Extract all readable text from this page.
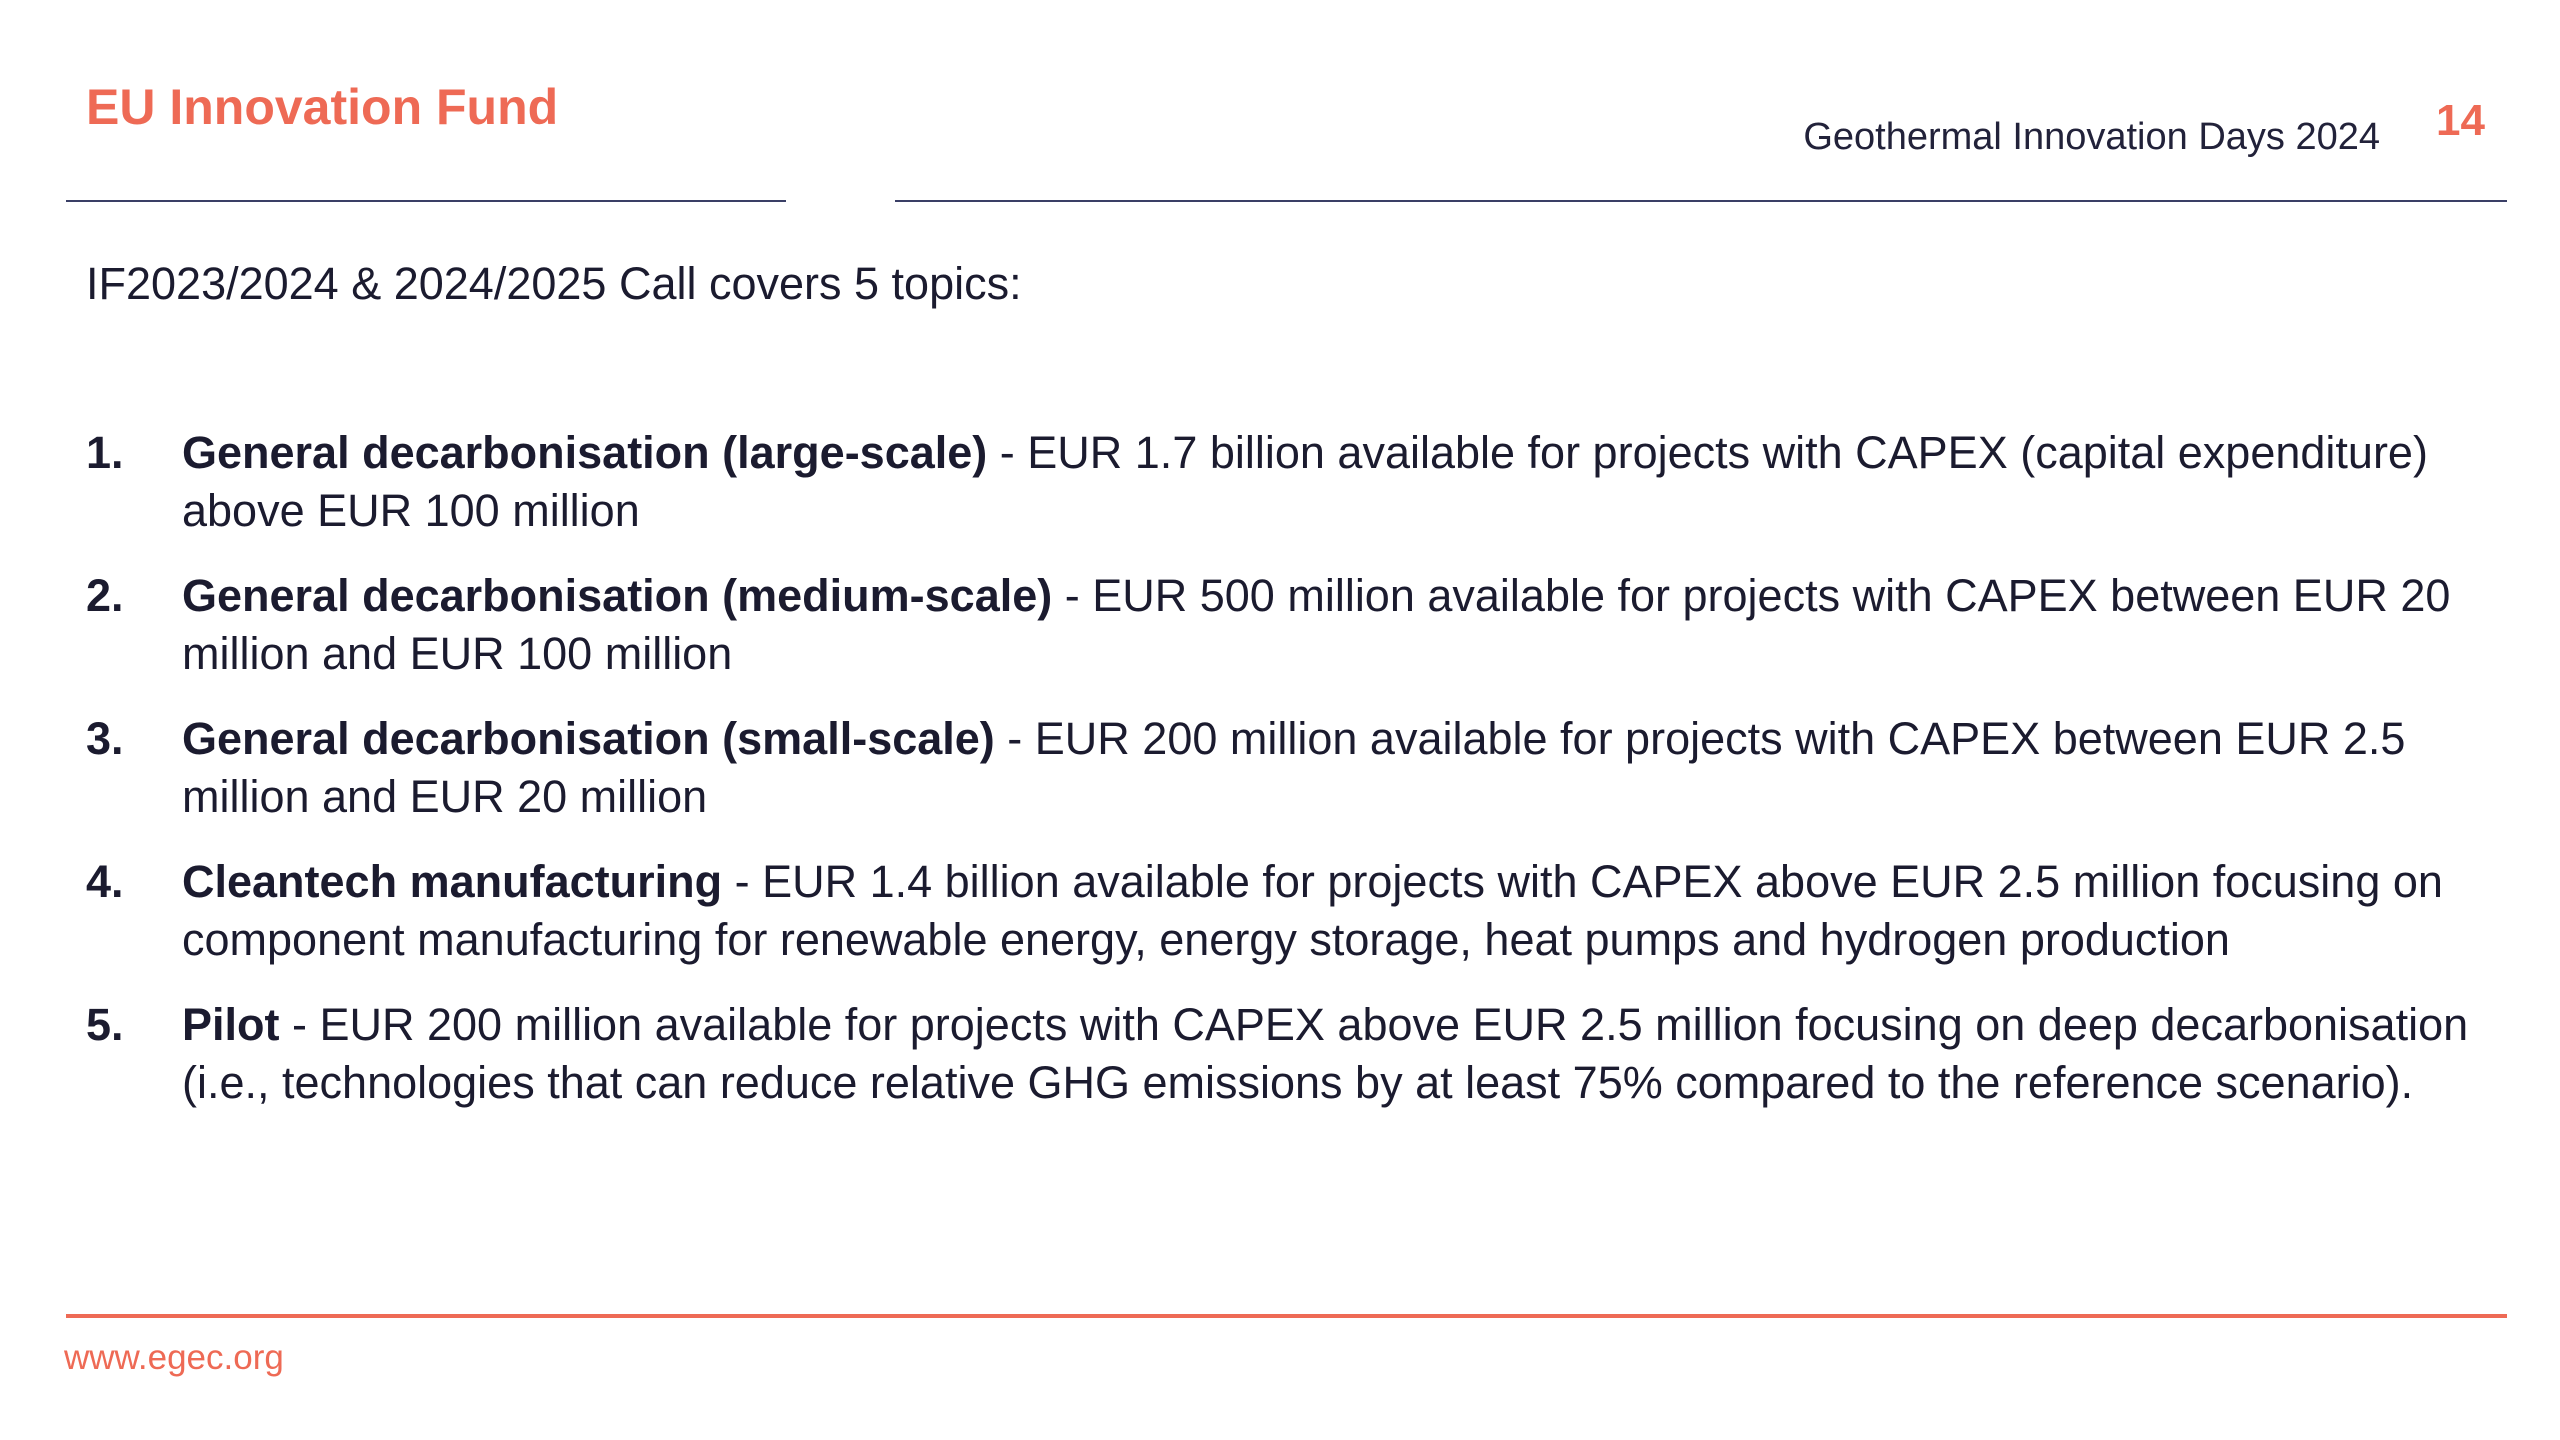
EU Innovation Fund
Geothermal Innovation Days 2024 14
IF2023/2024 & 2024/2025 Call covers 5 topics:
1.	General decarbonisation (large-scale) - EUR 1.7 billion available for projects with CAPEX (capital expenditure) above EUR 100 million
2.	General decarbonisation (medium-scale) - EUR 500 million available for projects with CAPEX between EUR 20 million and EUR 100 million
3.	General decarbonisation (small-scale) - EUR 200 million available for projects with CAPEX between EUR 2.5 million and EUR 20 million
4.	Cleantech manufacturing - EUR 1.4 billion available for projects with CAPEX above EUR 2.5 million focusing on component manufacturing for renewable energy, energy storage, heat pumps and hydrogen production
5.	Pilot - EUR 200 million available for projects with CAPEX above EUR 2.5 million focusing on deep decarbonisation (i.e., technologies that can reduce relative GHG emissions by at least 75% compared to the reference scenario).
www.egec.org
